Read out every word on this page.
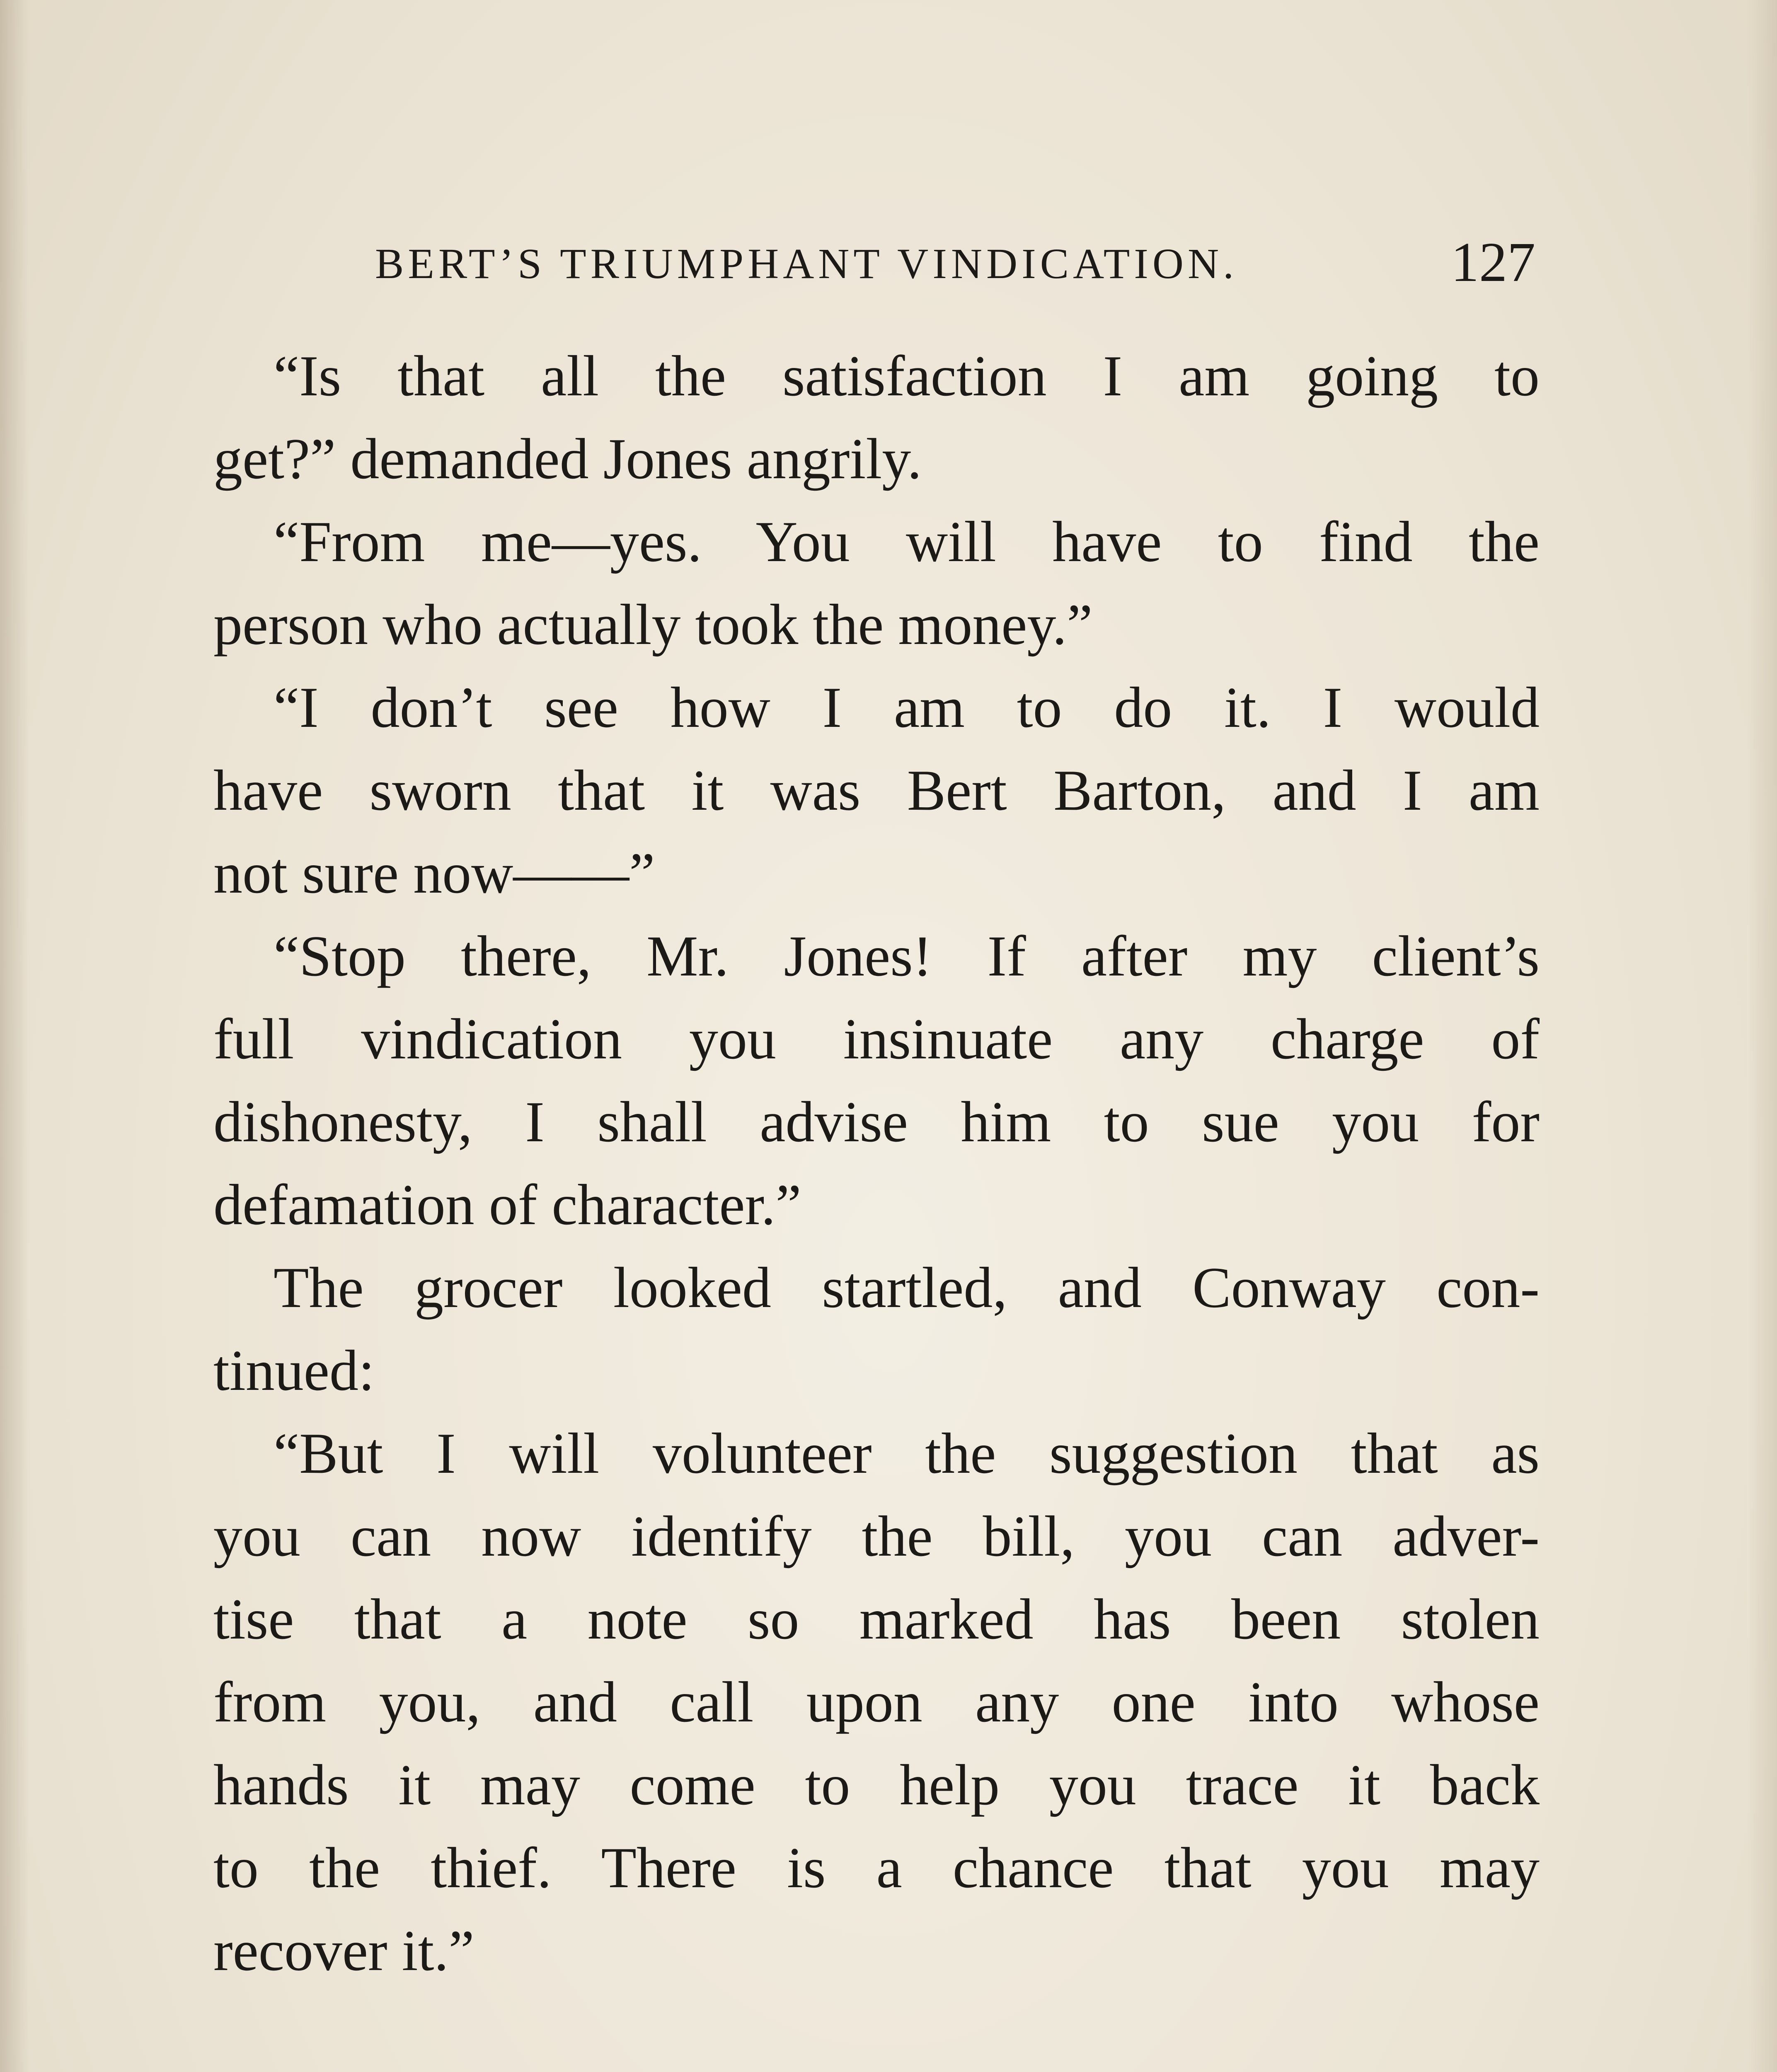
BERT’S TRIUMPHANT VINDICATION.	127
“Is that all the satisfaction I am going to
get?” demanded Jones angrily.
“From me—yes. You will have to find the
person who actually took the money.”
“I don’t see how I am to do it. I would
have sworn that it was Bert Barton, and I am
not sure now——”
“Stop there, Mr. Jones! If after my client’s
full vindication you insinuate any charge of
dishonesty, I shall advise him to sue you for
defamation of character.”
The grocer looked startled, and Conway con-
tinued:
“But I will volunteer the suggestion that as
you can now identify the bill, you can adver-
tise that a note so marked has been stolen
from you, and call upon any one into whose
hands it may come to help you trace it back
to the thief. There is a chance that you may
recover it.”
